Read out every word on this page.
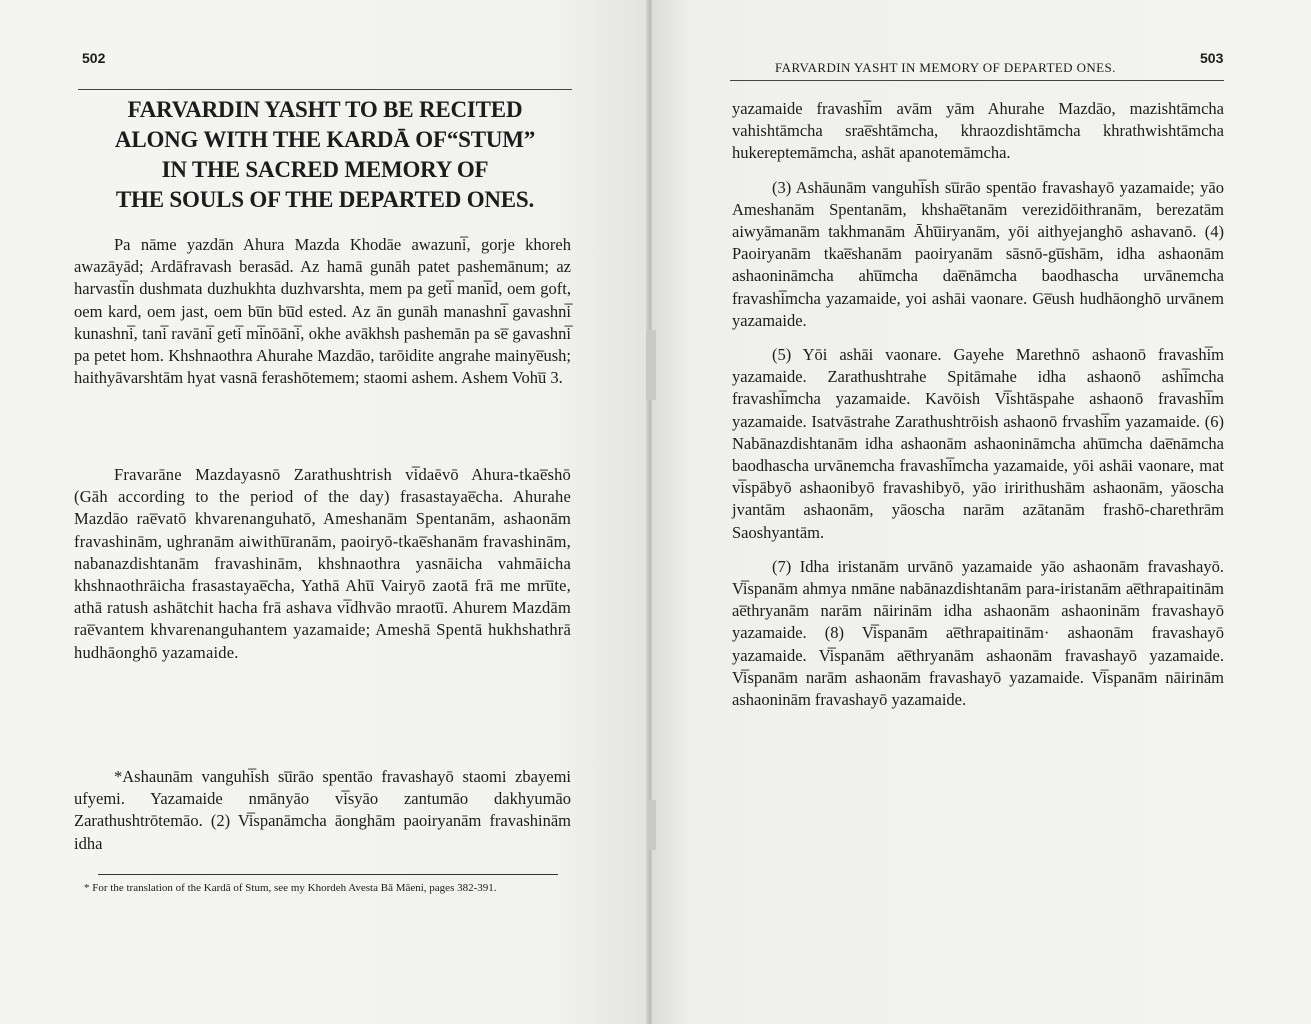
502
FARVARDIN YASHT TO BE RECITED
ALONG WITH THE KARDĀ OF“STUM”
IN THE SACRED MEMORY OF
THE SOULS OF THE DEPARTED ONES.

Pa nāme yazdān Ahura Mazda Khodāe awazuni̅, gorje khoreh awazāyād; Ardāfravash berasād. Az hamā gunāh patet pashemānum; az harvasti̅n dushmata duzhukhta duzhvarshta, mem pa geti̅ mani̅d, oem goft, oem kard, oem jast, oem bu̅n bu̅d ested. Az ān gunāh manashni̅ gavashni̅ kunashni̅, tani̅ ravāni̅ geti̅ mi̅nōāni̅, okhe avākhsh pashemān pa se̅ gavashni̅ pa petet hom. Khshnaothra Ahurahe Mazdāo, tarōidite angrahe mainye̅ush; haithyāvarshtām hyat vasnā ferashōtemem; staomi ashem. Ashem Vohu̅ 3.

Fravarāne Mazdayasnō Zarathushtrish vi̅daēvō Ahura-tkae̅shō (Gāh according to the period of the day) frasastayae̅cha. Ahurahe Mazdāo rae̅vatō khvarenanguhatō, Ameshanām Spentanām, ashaonām fravashinām, ughranām aiwithu̅ranām, paoiryō-tkae̅shanām fravashinām, nabanazdishtanām fravashinām, khshnaothra yasnāicha vahmāicha khshnaothrāicha frasastayae̅cha, Yathā Ahu̅ Vairyō zaotā frā me mru̅te, athā ratush ashātchit hacha frā ashava vi̅dhvāo mraotu̅. Ahurem Mazdām rae̅vantem khvarenanguhantem yazamaide; Ameshā Spentā hukhshathrā hudhāonghō yazamaide.

*Ashaunām vanguhi̅sh su̅rāo spentāo fravashayō staomi zbayemi ufyemi. Yazamaide nmānyāo vi̅syāo zantumāo dakhyumāo Zarathushtrōtemāo. (2) Vi̅spanāmcha āonghām paoiryanām fravashinām idha

* For the translation of the Kardā of Stum, see my Khordeh Avesta Bā Māeni, pages 382-391.
FARVARDIN YASHT IN MEMORY OF DEPARTED ONES.
503

yazamaide fravashi̅m avām yām Ahurahe Mazdāo, mazishtāmcha vahishtāmcha srae̅shtāmcha, khraozdishtāmcha khrathwishtāmcha hukereptemāmcha, ashāt apanotemāmcha.

(3) Ashāunām vanguhi̅sh su̅rāo spentāo fravashayō yazamaide; yāo Ameshanām Spentanām, khshae̅tanām verezidōithranām, berezatām aiwyāmanām takhmanām Āhu̅iryanām, yōi aithyejanghō ashavanō. (4) Paoiryanām tkae̅shanām paoiryanām sāsnō-gu̅shām, idha ashaonām ashaonināmcha ahu̅mcha dae̅nāmcha baodhascha urvānemcha fravashi̅mcha yazamaide, yoi ashāi vaonare. Ge̅ush hudhāonghō urvānem yazamaide.

(5) Yōi ashāi vaonare. Gayehe Marethnō ashaonō fravashi̅m yazamaide. Zarathushtrahe Spitāmahe idha ashaonō ashi̅mcha fravashi̅mcha yazamaide. Kavōish Vi̅shtāspahe ashaonō fravashi̅m yazamaide. Isatvāstrahe Zarathushtrōish ashaonō frvashi̅m yazamaide. (6) Nabānazdishtanām idha ashaonām ashaonināmcha ahu̅mcha dae̅nāmcha baodhascha urvānemcha fravashi̅mcha yazamaide, yōi ashāi vaonare, mat vi̅spābyō ashaonibyō fravashibyō, yāo iririthushām ashaonām, yāoscha jvantām ashaonām, yāoscha narām azātanām frashō-charethrām Saoshyantām.

(7) Idha iristanām urvānō yazamaide yāo ashaonām fravashayō. Vi̅spanām ahmya nmāne nabānazdishtanām para-iristanām ae̅thrapaitinām ae̅thryanām narām nāirinām idha ashaonām ashaoninām fravashayō yazamaide. (8) Vi̅spanām ae̅thrapaitinām· ashaonām fravashayō yazamaide. Vi̅spanām ae̅thryanām ashaonām fravashayō yazamaide. Vi̅spanām narām ashaonām fravashayō yazamaide. Vi̅spanām nāirinām ashaoninām fravashayō yazamaide.
